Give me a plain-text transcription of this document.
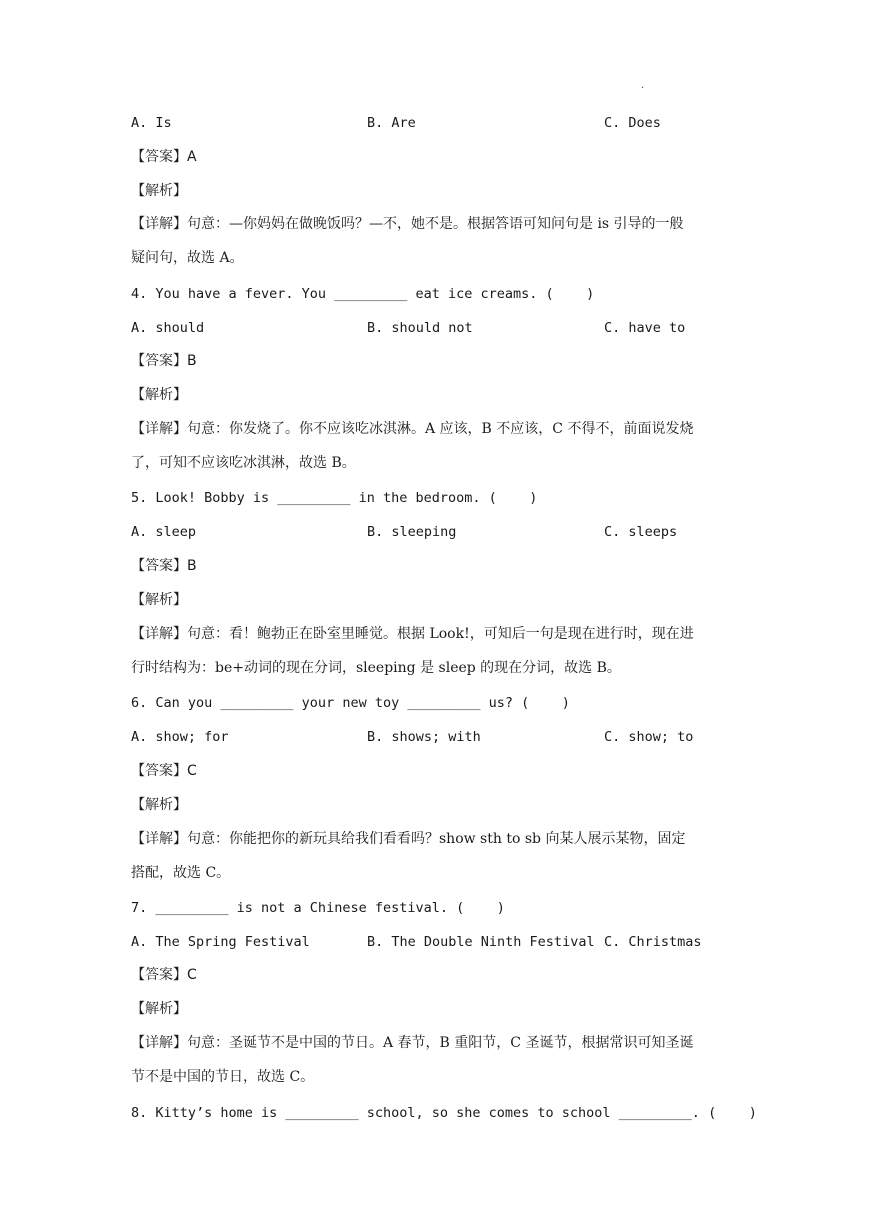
.
A. Is	B. Are	C. Does
【答案】A
【解析】
【详解】句意：—你妈妈在做晚饭吗？—不，她不是。根据答语可知问句是 is 引导的一般
疑问句，故选 A。
4. You have a fever. You _________ eat ice creams. (    )
A. should	B. should not	C. have to
【答案】B
【解析】
【详解】句意：你发烧了。你不应该吃冰淇淋。A 应该，B 不应该，C 不得不，前面说发烧
了，可知不应该吃冰淇淋，故选 B。
5. Look! Bobby is _________ in the bedroom. (    )
A. sleep	B. sleeping	C. sleeps
【答案】B
【解析】
【详解】句意：看！鲍勃正在卧室里睡觉。根据 Look!，可知后一句是现在进行时，现在进
行时结构为：be+动词的现在分词，sleeping 是 sleep 的现在分词，故选 B。
6. Can you _________ your new toy _________ us? (    )
A. show; for	B. shows; with	C. show; to
【答案】C
【解析】
【详解】句意：你能把你的新玩具给我们看看吗？show sth to sb 向某人展示某物，固定
搭配，故选 C。
7. _________ is not a Chinese festival. (    )
A. The Spring Festival	B. The Double Ninth Festival C. Christmas
【答案】C
【解析】
【详解】句意：圣诞节不是中国的节日。A 春节，B 重阳节，C 圣诞节，根据常识可知圣诞
节不是中国的节日，故选 C。
8. Kitty’s home is _________ school, so she comes to school _________. (    )
